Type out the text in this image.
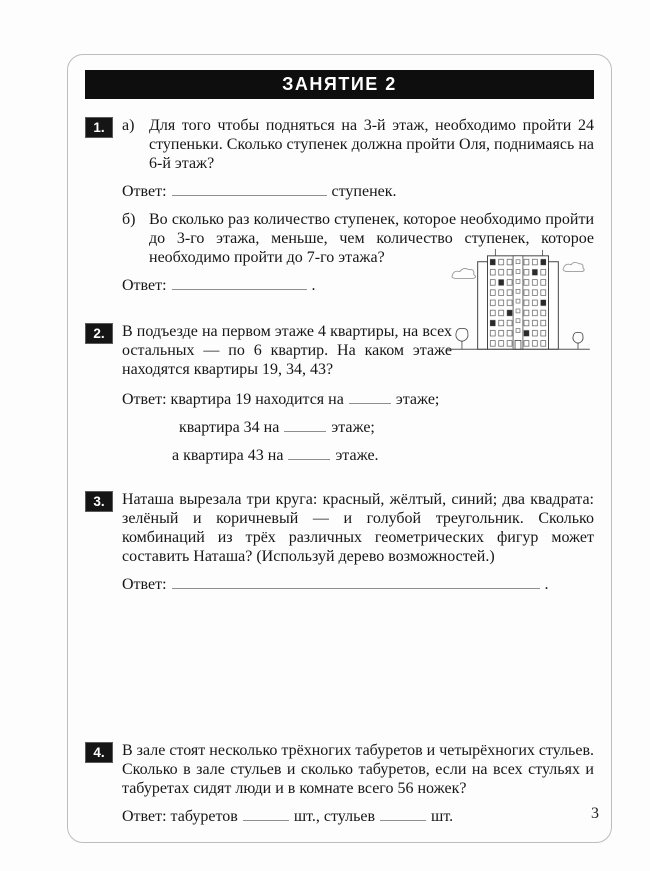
ЗАНЯТИЕ 2
1.	а) Для того чтобы подняться на 3-й этаж, необходимо пройти 24 ступеньки. Сколько ступенек должна пройти Оля, поднимаясь на 6-й этаж?
Ответ:	ступенек.
б) Во сколько раз количество ступенек, которое необходимо пройти до 3-го этажа, меньше, чем количество ступенек, которое необходимо пройти до 7-го этажа?
Ответ:	.
2.	В подъезде на первом этаже 4 квартиры, на всех остальных — по 6 квартир. На каком этаже находятся квартиры 19, 34, 43?
Ответ: квартира 19 находится на	этаже;
квартира 34 на	этаже;
а квартира 43 на	этаже.
3.	Наташа вырезала три круга: красный, жёлтый, синий; два квадрата: зелёный и коричневый — и голубой треугольник. Сколько комбинаций из трёх различных геометрических фигур может составить Наташа? (Используй дерево возможностей.)
Ответ:	.
4.	В зале стоят несколько трёхногих табуретов и четырёхногих стульев. Сколько в зале стульев и сколько табуретов, если на всех стульях и табуретах сидят люди и в комнате всего 56 ножек?
Ответ: табуретов	шт., стульев	шт.	3
